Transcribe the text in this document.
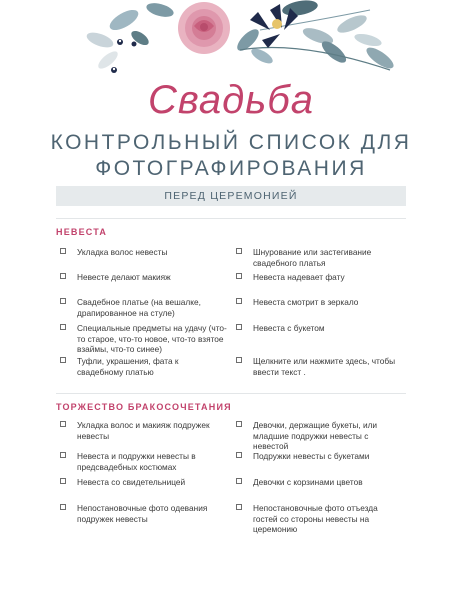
Свадьба
КОНТРОЛЬНЫЙ СПИСОК ДЛЯ
ФОТОГРАФИРОВАНИЯ
ПЕРЕД ЦЕРЕМОНИЕЙ
НЕВЕСТА
Укладка волос невесты
Невесте делают макияж
Свадебное платье (на вешалке, драпированное на стуле)
Специальные предметы на удачу (что-то старое, что-то новое, что-то взятое взаймы, что-то синее)
Туфли, украшения, фата к свадебному платью
Шнурование или застегивание свадебного платья
Невеста надевает фату
Невеста смотрит в зеркало
Невеста с букетом
Щелкните или нажмите здесь, чтобы ввести текст .
ТОРЖЕСТВО БРАКОСОЧЕТАНИЯ
Укладка волос и макияж подружек невесты
Невеста и подружки невесты в предсвадебных костюмах
Невеста со свидетельницей
Непостановочные фото одевания подружек невесты
Девочки, держащие букеты, или младшие подружки невесты с невестой
Подружки невесты с букетами
Девочки с корзинами цветов
Непостановочные фото отъезда гостей со стороны невесты на церемонию
